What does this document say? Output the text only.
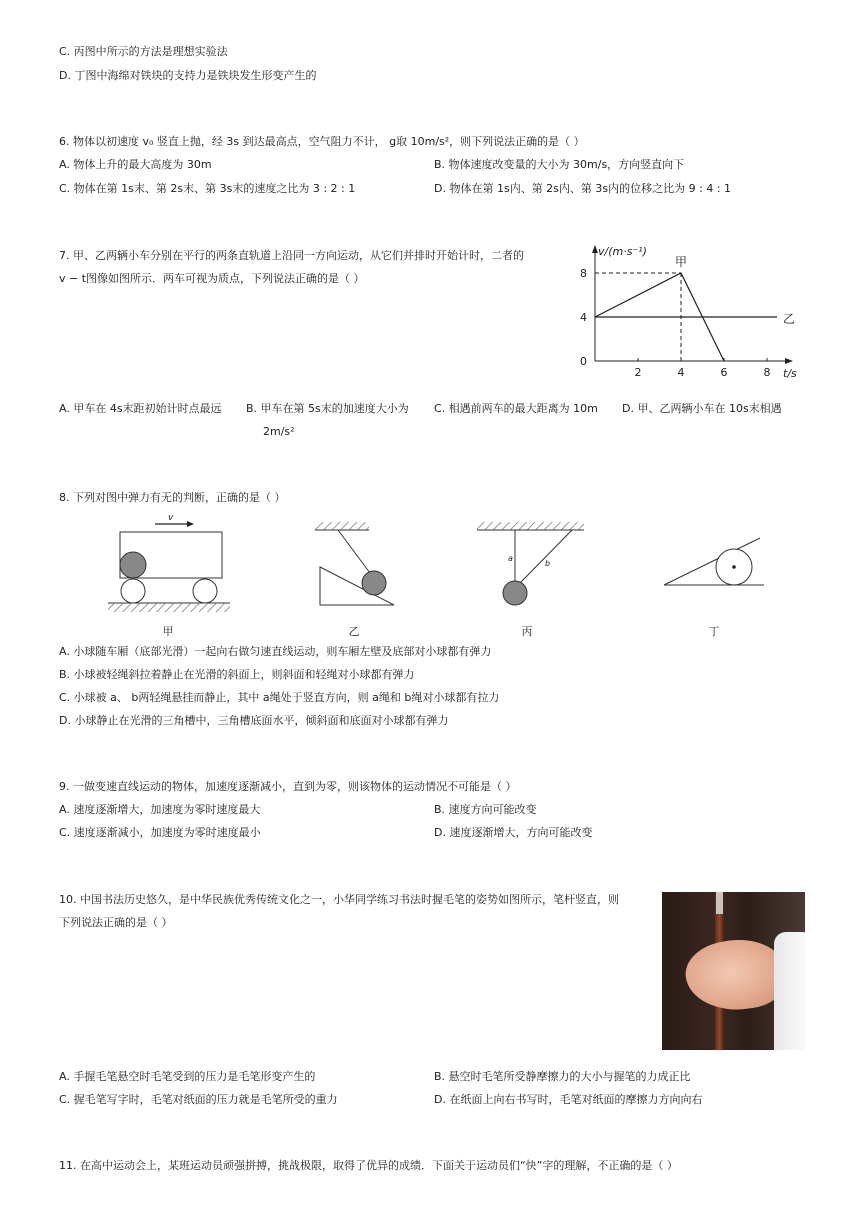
C. 丙图中所示的方法是理想实验法
D. 丁图中海绵对铁块的支持力是铁块发生形变产生的
6. 物体以初速度 v₀ 竖直上抛，经 3s 到达最高点，空气阻力不计， g取 10m/s²，则下列说法正确的是（ ）
A. 物体上升的最大高度为 30m	B. 物体速度改变量的大小为 30m/s，方向竖直向下
C. 物体在第 1s末、第 2s末、第 3s末的速度之比为 3 : 2 : 1	D. 物体在第 1s内、第 2s内、第 3s内的位移之比为 9 : 4 : 1
7. 甲、乙两辆小车分别在平行的两条直轨道上沿同一方向运动，从它们并排时开始计时，二者的
v − t图像如图所示．两车可视为质点，下列说法正确的是（ ）
v/(m·s⁻¹)
t/s
2	4	6	8
0
4
8
甲
乙
A. 甲车在 4s末距初始计时点最远 B. 甲车在第 5s末的加速度大小为
2m/s²
C. 相遇前两车的最大距离为 10m D. 甲、乙两辆小车在 10s末相遇
8. 下列对图中弹力有无的判断，正确的是（ ）
v
a
b
甲	乙	丙	丁
A. 小球随车厢（底部光滑）一起向右做匀速直线运动，则车厢左壁及底部对小球都有弹力
B. 小球被轻绳斜拉着静止在光滑的斜面上，则斜面和轻绳对小球都有弹力
C. 小球被 a、 b两轻绳悬挂而静止，其中 a绳处于竖直方向，则 a绳和 b绳对小球都有拉力
D. 小球静止在光滑的三角槽中，三角槽底面水平，倾斜面和底面对小球都有弹力
9. 一做变速直线运动的物体，加速度逐渐减小，直到为零，则该物体的运动情况不可能是（ ）
A. 速度逐渐增大，加速度为零时速度最大	B. 速度方向可能改变
C. 速度逐渐减小，加速度为零时速度最小	D. 速度逐渐增大，方向可能改变
10. 中国书法历史悠久，是中华民族优秀传统文化之一，小华同学练习书法时握毛笔的姿势如图所示，笔杆竖直，则
下列说法正确的是（ ）
A. 手握毛笔悬空时毛笔受到的压力是毛笔形变产生的	B. 悬空时毛笔所受静摩擦力的大小与握笔的力成正比
C. 握毛笔写字时，毛笔对纸面的压力就是毛笔所受的重力	D. 在纸面上向右书写时，毛笔对纸面的摩擦力方向向右
11. 在高中运动会上，某班运动员顽强拼搏，挑战极限，取得了优异的成绩．下面关于运动员们“快”字的理解，不正确的是（ ）
